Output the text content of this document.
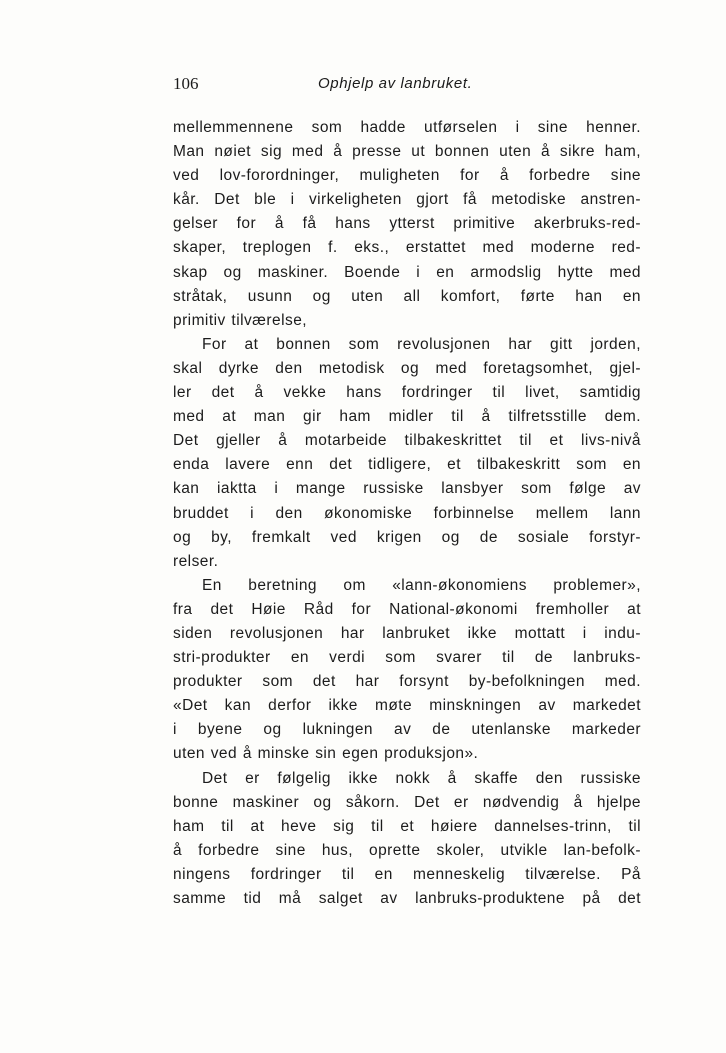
106	Ophjelp av lanbruket.
mellemmennene som hadde utførselen i sine henner.
Man nøiet sig med å presse ut bonnen uten å sikre ham,
ved lov-forordninger, muligheten for å forbedre sine
kår. Det ble i virkeligheten gjort få metodiske anstren-
gelser for å få hans ytterst primitive akerbruks-red-
skaper, treplogen f. eks., erstattet med moderne red-
skap og maskiner. Boende i en armodslig hytte med
stråtak, usunn og uten all komfort, førte han en
primitiv tilværelse,
For at bonnen som revolusjonen har gitt jorden,
skal dyrke den metodisk og med foretagsomhet, gjel-
ler det å vekke hans fordringer til livet, samtidig
med at man gir ham midler til å tilfretsstille dem.
Det gjeller å motarbeide tilbakeskrittet til et livs-nivå
enda lavere enn det tidligere, et tilbakeskritt som en
kan iaktta i mange russiske lansbyer som følge av
bruddet i den økonomiske forbinnelse mellem lann
og by, fremkalt ved krigen og de sosiale forstyr-
relser.
En beretning om «lann-økonomiens problemer»,
fra det Høie Råd for National-økonomi fremholler at
siden revolusjonen har lanbruket ikke mottatt i indu-
stri-produkter en verdi som svarer til de lanbruks-
produkter som det har forsynt by-befolkningen med.
«Det kan derfor ikke møte minskningen av markedet
i byene og lukningen av de utenlanske markeder
uten ved å minske sin egen produksjon».
Det er følgelig ikke nokk å skaffe den russiske
bonne maskiner og såkorn. Det er nødvendig å hjelpe
ham til at heve sig til et høiere dannelses-trinn, til
å forbedre sine hus, oprette skoler, utvikle lan-befolk-
ningens fordringer til en menneskelig tilværelse. På
samme tid må salget av lanbruks-produktene på det
